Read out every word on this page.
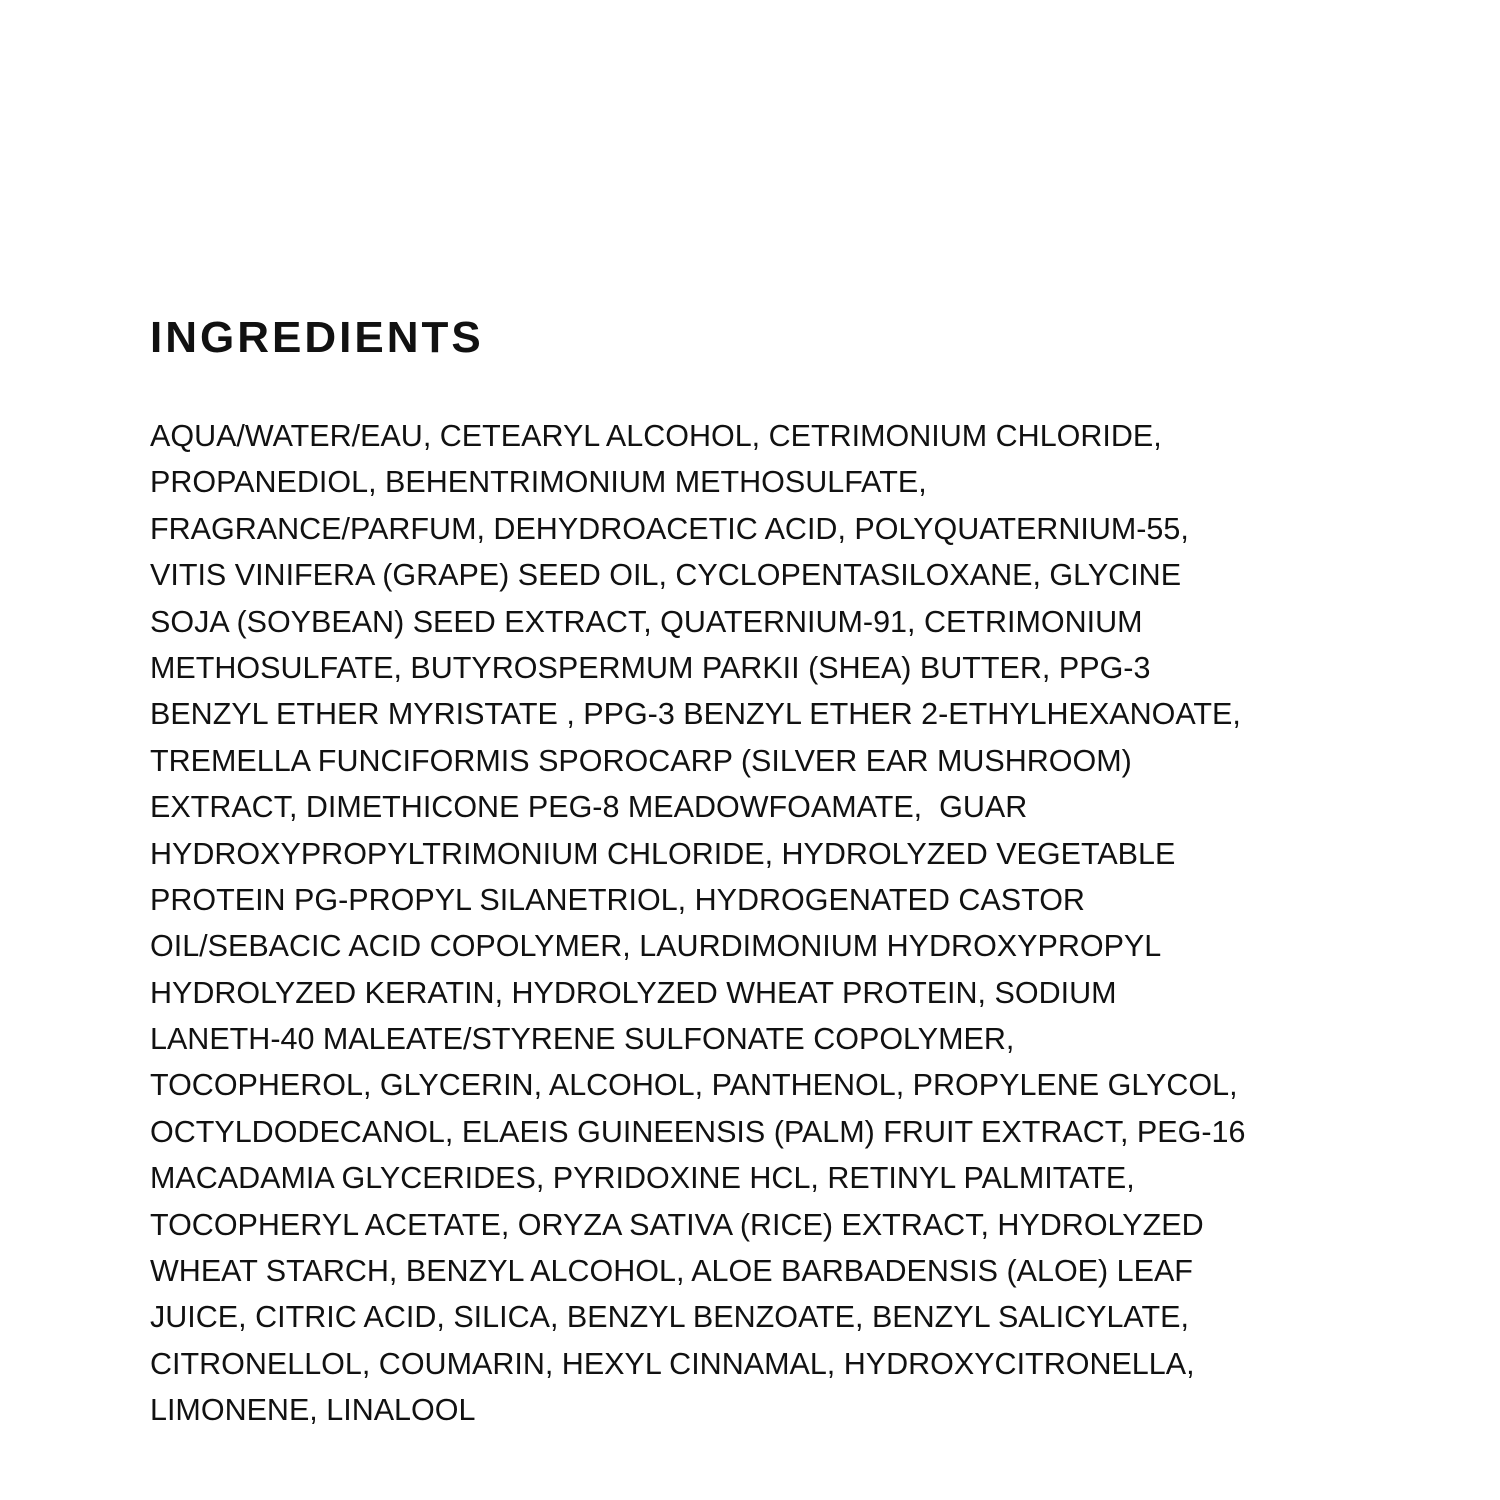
INGREDIENTS
AQUA/WATER/EAU, CETEARYL ALCOHOL, CETRIMONIUM CHLORIDE,
PROPANEDIOL, BEHENTRIMONIUM METHOSULFATE,
FRAGRANCE/PARFUM, DEHYDROACETIC ACID, POLYQUATERNIUM-55,
VITIS VINIFERA (GRAPE) SEED OIL, CYCLOPENTASILOXANE, GLYCINE
SOJA (SOYBEAN) SEED EXTRACT, QUATERNIUM-91, CETRIMONIUM
METHOSULFATE, BUTYROSPERMUM PARKII (SHEA) BUTTER, PPG-3
BENZYL ETHER MYRISTATE , PPG-3 BENZYL ETHER 2-ETHYLHEXANOATE,
TREMELLA FUNCIFORMIS SPOROCARP (SILVER EAR MUSHROOM)
EXTRACT, DIMETHICONE PEG-8 MEADOWFOAMATE,  GUAR
HYDROXYPROPYLTRIMONIUM CHLORIDE, HYDROLYZED VEGETABLE
PROTEIN PG-PROPYL SILANETRIOL, HYDROGENATED CASTOR
OIL/SEBACIC ACID COPOLYMER, LAURDIMONIUM HYDROXYPROPYL
HYDROLYZED KERATIN, HYDROLYZED WHEAT PROTEIN, SODIUM
LANETH-40 MALEATE/STYRENE SULFONATE COPOLYMER,
TOCOPHEROL, GLYCERIN, ALCOHOL, PANTHENOL, PROPYLENE GLYCOL,
OCTYLDODECANOL, ELAEIS GUINEENSIS (PALM) FRUIT EXTRACT, PEG-16
MACADAMIA GLYCERIDES, PYRIDOXINE HCL, RETINYL PALMITATE,
TOCOPHERYL ACETATE, ORYZA SATIVA (RICE) EXTRACT, HYDROLYZED
WHEAT STARCH, BENZYL ALCOHOL, ALOE BARBADENSIS (ALOE) LEAF
JUICE, CITRIC ACID, SILICA, BENZYL BENZOATE, BENZYL SALICYLATE,
CITRONELLOL, COUMARIN, HEXYL CINNAMAL, HYDROXYCITRONELLA,
LIMONENE, LINALOOL
